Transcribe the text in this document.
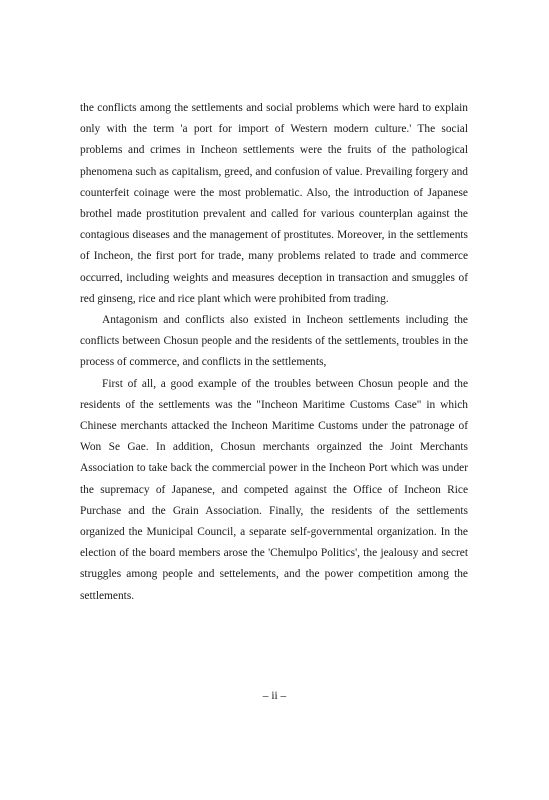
the conflicts among the settlements and social problems which were hard to explain only with the term 'a port for import of Western modern culture.' The social problems and crimes in Incheon settlements were the fruits of the pathological phenomena such as capitalism, greed, and confusion of value. Prevailing forgery and counterfeit coinage were the most problematic. Also, the introduction of Japanese brothel made prostitution prevalent and called for various counterplan against the contagious diseases and the management of prostitutes. Moreover, in the settlements of Incheon, the first port for trade, many problems related to trade and commerce occurred, including weights and measures deception in transaction and smuggles of red ginseng, rice and rice plant which were prohibited from trading.

Antagonism and conflicts also existed in Incheon settlements including the conflicts between Chosun people and the residents of the settlements, troubles in the process of commerce, and conflicts in the settlements,

First of all, a good example of the troubles between Chosun people and the residents of the settlements was the "Incheon Maritime Customs Case" in which Chinese merchants attacked the Incheon Maritime Customs under the patronage of Won Se Gae. In addition, Chosun merchants orgainzed the Joint Merchants Association to take back the commercial power in the Incheon Port which was under the supremacy of Japanese, and competed against the Office of Incheon Rice Purchase and the Grain Association. Finally, the residents of the settlements organized the Municipal Council, a separate self-governmental organization. In the election of the board members arose the 'Chemulpo Politics', the jealousy and secret struggles among people and settelements, and the power competition among the settlements.

– ii –
